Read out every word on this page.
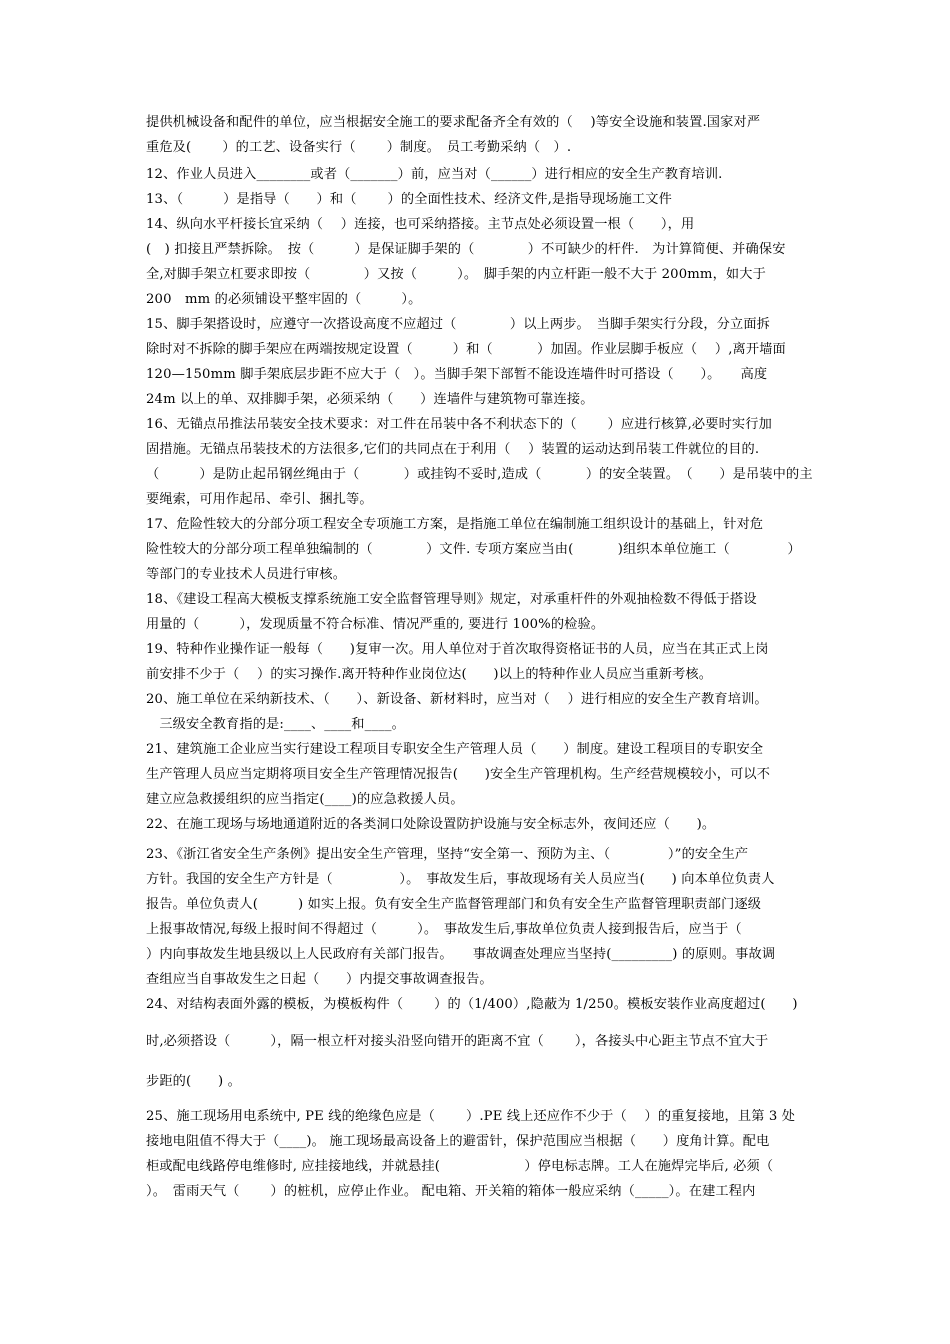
提供机械设备和配件的单位，应当根据安全施工的要求配备齐全有效的（　 )等安全设施和装置.国家对严
重危及(　　 ）的工艺、设备实行（　　 ）制度。　员工考勤采纳（　）.
12、作业人员进入________或者（_______）前，应当对（______）进行相应的安全生产教育培训.
13、（　　　）是指导（　　）和（　　 ）的全面性技术、经济文件,是指导现场施工文件
14、纵向水平杆接长宜采纳（　 ）连接，也可采纳搭接。主节点处必须设置一根（　　），用
(　) 扣接且严禁拆除。　按（　　　）是保证脚手架的（　　　　）不可缺少的杆件.　为计算简便、并确保安
全,对脚手架立杠要求即按（　　　　）又按（　　　）。　脚手架的内立杆距一般不大于 200mm，如大于
200　mm 的必须铺设平整牢固的（　　　）。
15、脚手架搭设时，应遵守一次搭设高度不应超过（　　　　）以上两步。　当脚手架实行分段，分立面拆
除时对不拆除的脚手架应在两端按规定设置（　　　）和（　　　 ）加固。作业层脚手板应（　 ）,离开墙面
120—150mm 脚手架底层步距不应大于（　）。当脚手架下部暂不能设连墙件时可搭设（　　）。　　高度
24m 以上的单、双排脚手架，必须采纳（　　）连墙件与建筑物可靠连接。
16、无锚点吊推法吊装安全技术要求：对工件在吊装中各不利状态下的（　　 ）应进行核算,必要时实行加
固措施。无锚点吊装技术的方法很多,它们的共同点在于利用（　 ）装置的运动达到吊装工件就位的目的.
（　　　）是防止起吊钢丝绳由于（　　　 ）或挂钩不妥时,造成（　　　 ）的安全装置。　（　　）是吊装中的主
要绳索，可用作起吊、牵引、捆扎等。
17、危险性较大的分部分项工程安全专项施工方案，是指施工单位在编制施工组织设计的基础上，针对危
险性较大的分部分项工程单独编制的（　　　　）文件. 专项方案应当由(　　　 )组织本单位施工（　　　　 ）
等部门的专业技术人员进行审核。
18、《建设工程高大模板支撑系统施工安全监督管理导则》规定，对承重杆件的外观抽检数不得低于搭设
用量的（　　　），发现质量不符合标准、情况严重的, 要进行 100%的检验。
19、特种作业操作证一般每（　　)复审一次。用人单位对于首次取得资格证书的人员，应当在其正式上岗
前安排不少于（　 ）的实习操作.离开特种作业岗位达(　　)以上的特种作业人员应当重新考核。
20、施工单位在采纳新技术、（　　）、新设备、新材料时，应当对（　 ）进行相应的安全生产教育培训。
　三级安全教育指的是:____、____和____。
21、建筑施工企业应当实行建设工程项目专职安全生产管理人员（　　）制度。建设工程项目的专职安全
生产管理人员应当定期将项目安全生产管理情况报告(　　)安全生产管理机构。生产经营规模较小，可以不
建立应急救援组织的应当指定(____)的应急救援人员。
22、在施工现场与场地通道附近的各类洞口处除设置防护设施与安全标志外，夜间还应（　　)。
23、《浙江省安全生产条例》提出安全生产管理，坚持“安全第一、预防为主、（　　　　 ）”的安全生产
方针。我国的安全生产方针是（　　　　　）。　事故发生后，事故现场有关人员应当(　　) 向本单位负责人
报告。单位负责人(　　　) 如实上报。负有安全生产监督管理部门和负有安全生产监督管理职责部门逐级
上报事故情况,每级上报时间不得超过（　　　）。　事故发生后,事故单位负责人接到报告后，应当于（
）内向事故发生地县级以上人民政府有关部门报告。　　事故调查处理应当坚持(_________) 的原则。事故调
查组应当自事故发生之日起（　　）内提交事故调查报告。
24、对结构表面外露的模板，为模板构件（　　 ）的（1/400）,隐蔽为 1/250。模板安装作业高度超过(　　)
时,必须搭设（　　　），隔一根立杆对接头沿竖向错开的距离不宜（　　 ），各接头中心距主节点不宜大于
步距的(　　) 。
25、施工现场用电系统中, PE 线的绝缘色应是（　　 ）.PE 线上还应作不少于（　 ）的重复接地，且第 3 处
接地电阻值不得大于（____)。 施工现场最高设备上的避雷针，保护范围应当根据（　　）度角计算。配电
柜或配电线路停电维修时, 应挂接地线，并就悬挂(　　　　　　 ）停电标志牌。工人在施焊完毕后, 必须（
）。　雷雨天气（　　 ）的桩机，应停止作业。 配电箱、开关箱的箱体一般应采纳（_____）。在建工程内
